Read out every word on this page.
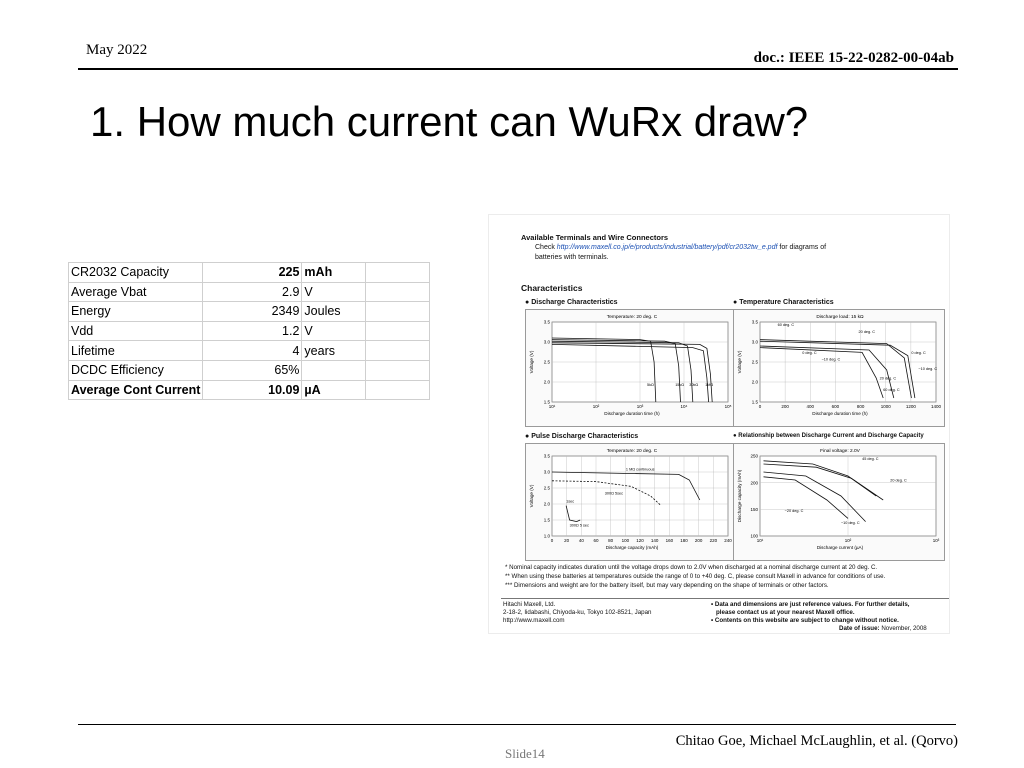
May 2022	doc.: IEEE 15-22-0282-00-04ab
1. How much current can WuRx draw?
CR2032 Capacity	225	mAh	
Average Vbat	2.9	V	
Energy	2349	Joules	
Vdd	1.2	V	
Lifetime	4	years	
DCDC Efficiency	65%		
Average Cont Current	10.09	µA	
Available Terminals and Wire Connectors
Check http://www.maxell.co.jp/e/products/industrial/battery/pdf/cr2032tw_e.pdf for diagrams of
batteries with terminals.
Characteristics
● Discharge Characteristics	● Temperature Characteristics
● Pulse Discharge Characteristics	● Relationship between Discharge Current and Discharge Capacity
Temperature: 20 deg. C
3.5
3.0
2.5
2.0
1.5
10¹	10²	10³	10⁴	10⁵
Discharge duration time (h)
Voltage (V)
5kΩ	15kΩ 30kΩ 1MΩ
Discharge load: 15 kΩ
3.5
3.0
2.5
2.0
1.5
0	200	400	600	800	1000	1200	1400
Discharge duration time (h)
Voltage (V)
60 deg. C
20 deg. C
0 deg. C
−10 deg. C
0 deg. C
−10 deg. C
20 deg. C
60 deg. C
Temperature: 20 deg. C
3.5
3.0
2.5
2.0
1.5
1.0
0 20 40 60 80 100 120 140 160 180 200 220 240
Discharge capacity (mAh)
Voltage (V)
1 MΩ continuous
300Ω 5sec
1sec
300Ω 5 sec
Final voltage: 2.0V
250
200
150
100
10¹	10²	10³
Discharge current (µA)
Discharge capacity (mAh)
45 deg. C
20 deg. C
−20 deg. C
−10 deg. C
* Nominal capacity indicates duration until the voltage drops down to 2.0V when discharged at a nominal discharge current at 20 deg. C.
** When using these batteries at temperatures outside the range of 0 to +40 deg. C, please consult Maxell in advance for conditions of use.
*** Dimensions and weight are for the battery itself, but may vary depending on the shape of terminals or other factors.
Hitachi Maxell, Ltd.
2-18-2, Iidabashi, Chiyoda-ku, Tokyo 102-8521, Japan
http://www.maxell.com
• Data and dimensions are just reference values. For further details,
please contact us at your nearest Maxell office.
• Contents on this website are subject to change without notice.
Date of issue: November, 2008
Chitao Goe, Michael McLaughlin, et al. (Qorvo)
Slide14
